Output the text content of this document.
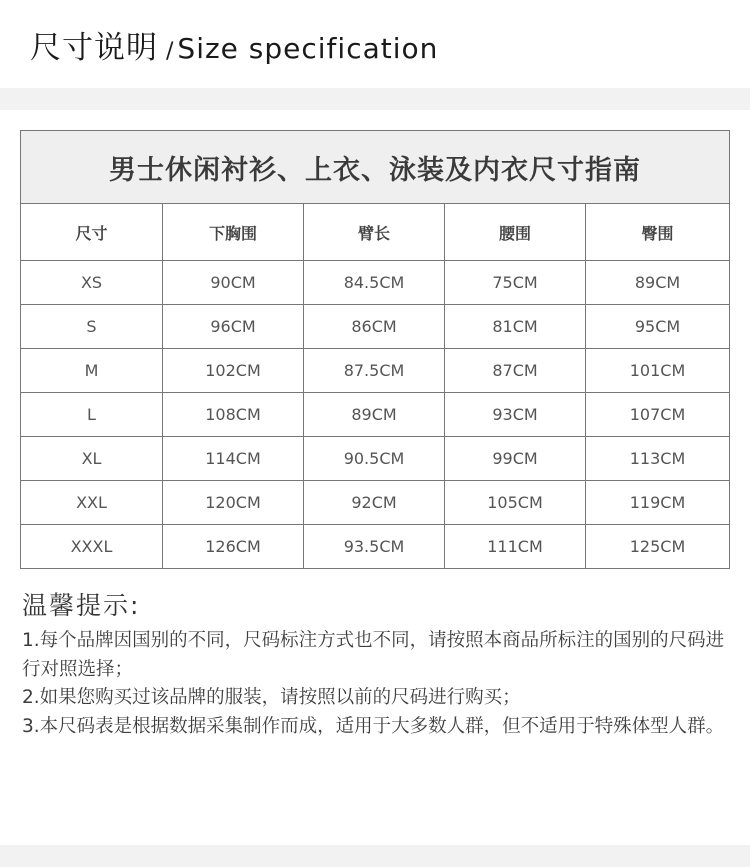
尺寸说明 / Size specification
男士休闲衬衫、上衣、泳装及内衣尺寸指南				
尺寸	下胸围	臂长	腰围	臀围
XS	90CM	84.5CM	75CM	89CM
S	96CM	86CM	81CM	95CM
M	102CM	87.5CM	87CM	101CM
L	108CM	89CM	93CM	107CM
XL	114CM	90.5CM	99CM	113CM
XXL	120CM	92CM	105CM	119CM
XXXL	126CM	93.5CM	111CM	125CM
温馨提示:

1.每个品牌因国别的不同，尺码标注方式也不同，请按照本商品所标注的国别的尺码进行对照选择；

2.如果您购买过该品牌的服装，请按照以前的尺码进行购买；

3.本尺码表是根据数据采集制作而成，适用于大多数人群，但不适用于特殊体型人群。
